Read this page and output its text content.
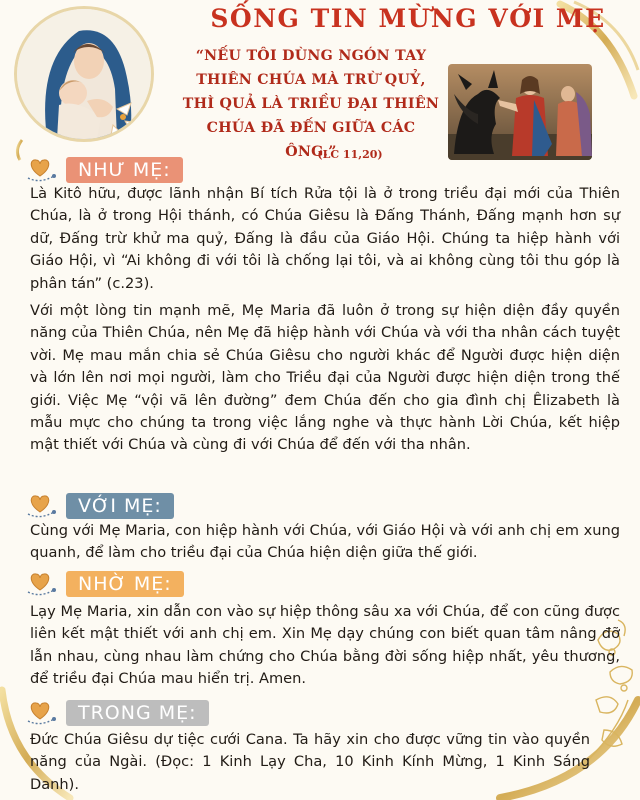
SỐNG TIN MỪNG VỚI MẸ

“NẾU TÔI DÙNG NGÓN TAY THIÊN CHÚA MÀ TRỪ QUỶ, THÌ QUẢ LÀ TRIỀU ĐẠI THIÊN CHÚA ĐÃ ĐẾN GIỮA CÁC ÔNG.”

(LC 11,20)
NHƯ MẸ:

Là Kitô hữu, được lãnh nhận Bí tích Rửa tội là ở trong triều đại mới của Thiên Chúa, là ở trong Hội thánh, có Chúa Giêsu là Đấng Thánh, Đấng mạnh hơn sự dữ, Đấng trừ khử ma quỷ, Đấng là đầu của Giáo Hội. Chúng ta hiệp hành với Giáo Hội, vì “Ai không đi với tôi là chống lại tôi, và ai không cùng tôi thu góp là phân tán” (c.23).

Với một lòng tin mạnh mẽ, Mẹ Maria đã luôn ở trong sự hiện diện đầy quyền năng của Thiên Chúa, nên Mẹ đã hiệp hành với Chúa và với tha nhân cách tuyệt vời. Mẹ mau mắn chia sẻ Chúa Giêsu cho người khác để Người được hiện diện và lớn lên nơi mọi người, làm cho Triều đại của Người được hiện diện trong thế giới. Việc Mẹ “vội vã lên đường” đem Chúa đến cho gia đình chị Êlizabeth là mẫu mực cho chúng ta trong việc lắng nghe và thực hành Lời Chúa, kết hiệp mật thiết với Chúa và cùng đi với Chúa để đến với tha nhân.

VỚI MẸ:

Cùng với Mẹ Maria, con hiệp hành với Chúa, với Giáo Hội và với anh chị em xung quanh, để làm cho triều đại của Chúa hiện diện giữa thế giới.

NHỜ MẸ:

Lạy Mẹ Maria, xin dẫn con vào sự hiệp thông sâu xa với Chúa, để con cũng được liên kết mật thiết với anh chị em. Xin Mẹ dạy chúng con biết quan tâm nâng đỡ lẫn nhau, cùng nhau làm chứng cho Chúa bằng đời sống hiệp nhất, yêu thương, để triều đại Chúa mau hiển trị. Amen.

TRONG MẸ:

Đức Chúa Giêsu dự tiệc cưới Cana. Ta hãy xin cho được vững tin vào quyền năng của Ngài. (Đọc: 1 Kinh Lạy Cha, 10 Kinh Kính Mừng, 1 Kinh Sáng Danh).
